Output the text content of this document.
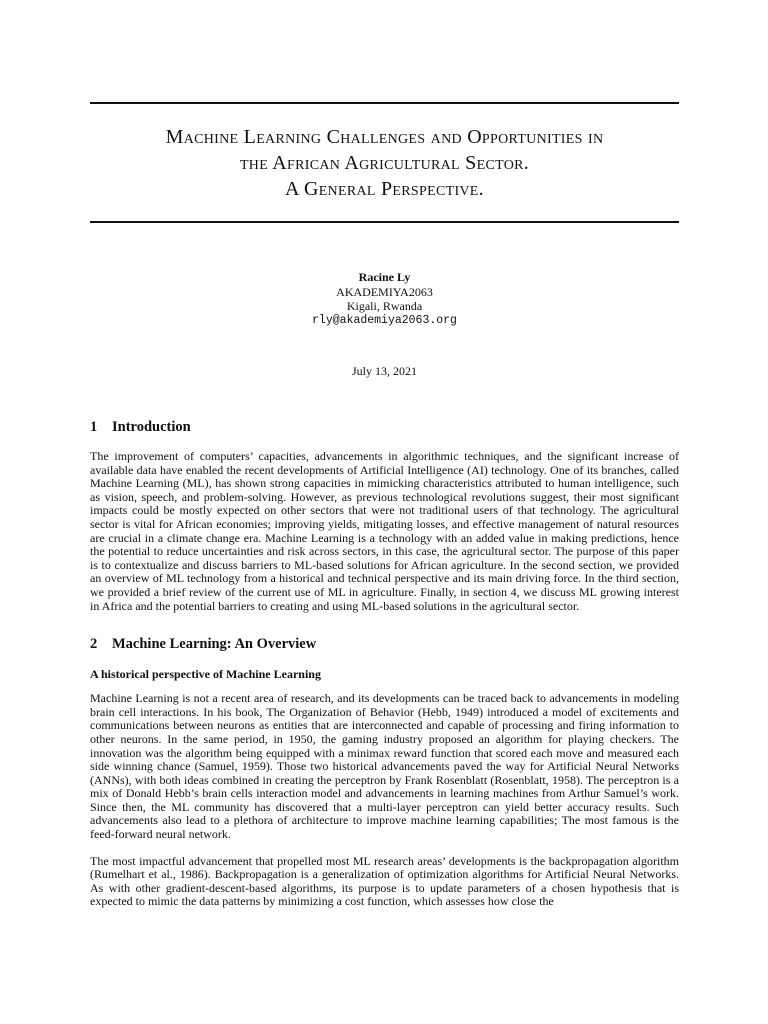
Machine Learning Challenges and Opportunities in
the African Agricultural Sector.
A General Perspective.
Racine Ly
AKADEMIYA2063
Kigali, Rwanda
rly@akademiya2063.org
July 13, 2021
1 Introduction

The improvement of computers’ capacities, advancements in algorithmic techniques, and the significant increase of available data have enabled the recent developments of Artificial Intelligence (AI) technology. One of its branches, called Machine Learning (ML), has shown strong capacities in mimicking characteristics attributed to human intelligence, such as vision, speech, and problem-solving. However, as previous technological revolutions suggest, their most significant impacts could be mostly expected on other sectors that were not traditional users of that technology. The agricultural sector is vital for African economies; improving yields, mitigating losses, and effective management of natural resources are crucial in a climate change era. Machine Learning is a technology with an added value in making predictions, hence the potential to reduce uncertainties and risk across sectors, in this case, the agricultural sector. The purpose of this paper is to contextualize and discuss barriers to ML-based solutions for African agriculture. In the second section, we provided an overview of ML technology from a historical and technical perspective and its main driving force. In the third section, we provided a brief review of the current use of ML in agriculture. Finally, in section 4, we discuss ML growing interest in Africa and the potential barriers to creating and using ML-based solutions in the agricultural sector.

2 Machine Learning: An Overview
A historical perspective of Machine Learning

Machine Learning is not a recent area of research, and its developments can be traced back to advancements in modeling brain cell interactions. In his book, The Organization of Behavior (Hebb, 1949) introduced a model of excitements and communications between neurons as entities that are interconnected and capable of processing and firing information to other neurons. In the same period, in 1950, the gaming industry proposed an algorithm for playing checkers. The innovation was the algorithm being equipped with a minimax reward function that scored each move and measured each side winning chance (Samuel, 1959). Those two historical advancements paved the way for Artificial Neural Networks (ANNs), with both ideas combined in creating the perceptron by Frank Rosenblatt (Rosenblatt, 1958). The perceptron is a mix of Donald Hebb’s brain cells interaction model and advancements in learning machines from Arthur Samuel’s work. Since then, the ML community has discovered that a multi-layer perceptron can yield better accuracy results. Such advancements also lead to a plethora of architecture to improve machine learning capabilities; The most famous is the feed-forward neural network.

The most impactful advancement that propelled most ML research areas’ developments is the backpropagation algorithm (Rumelhart et al., 1986). Backpropagation is a generalization of optimization algorithms for Artificial Neural Networks. As with other gradient-descent-based algorithms, its purpose is to update parameters of a chosen hypothesis that is expected to mimic the data patterns by minimizing a cost function, which assesses how close the
